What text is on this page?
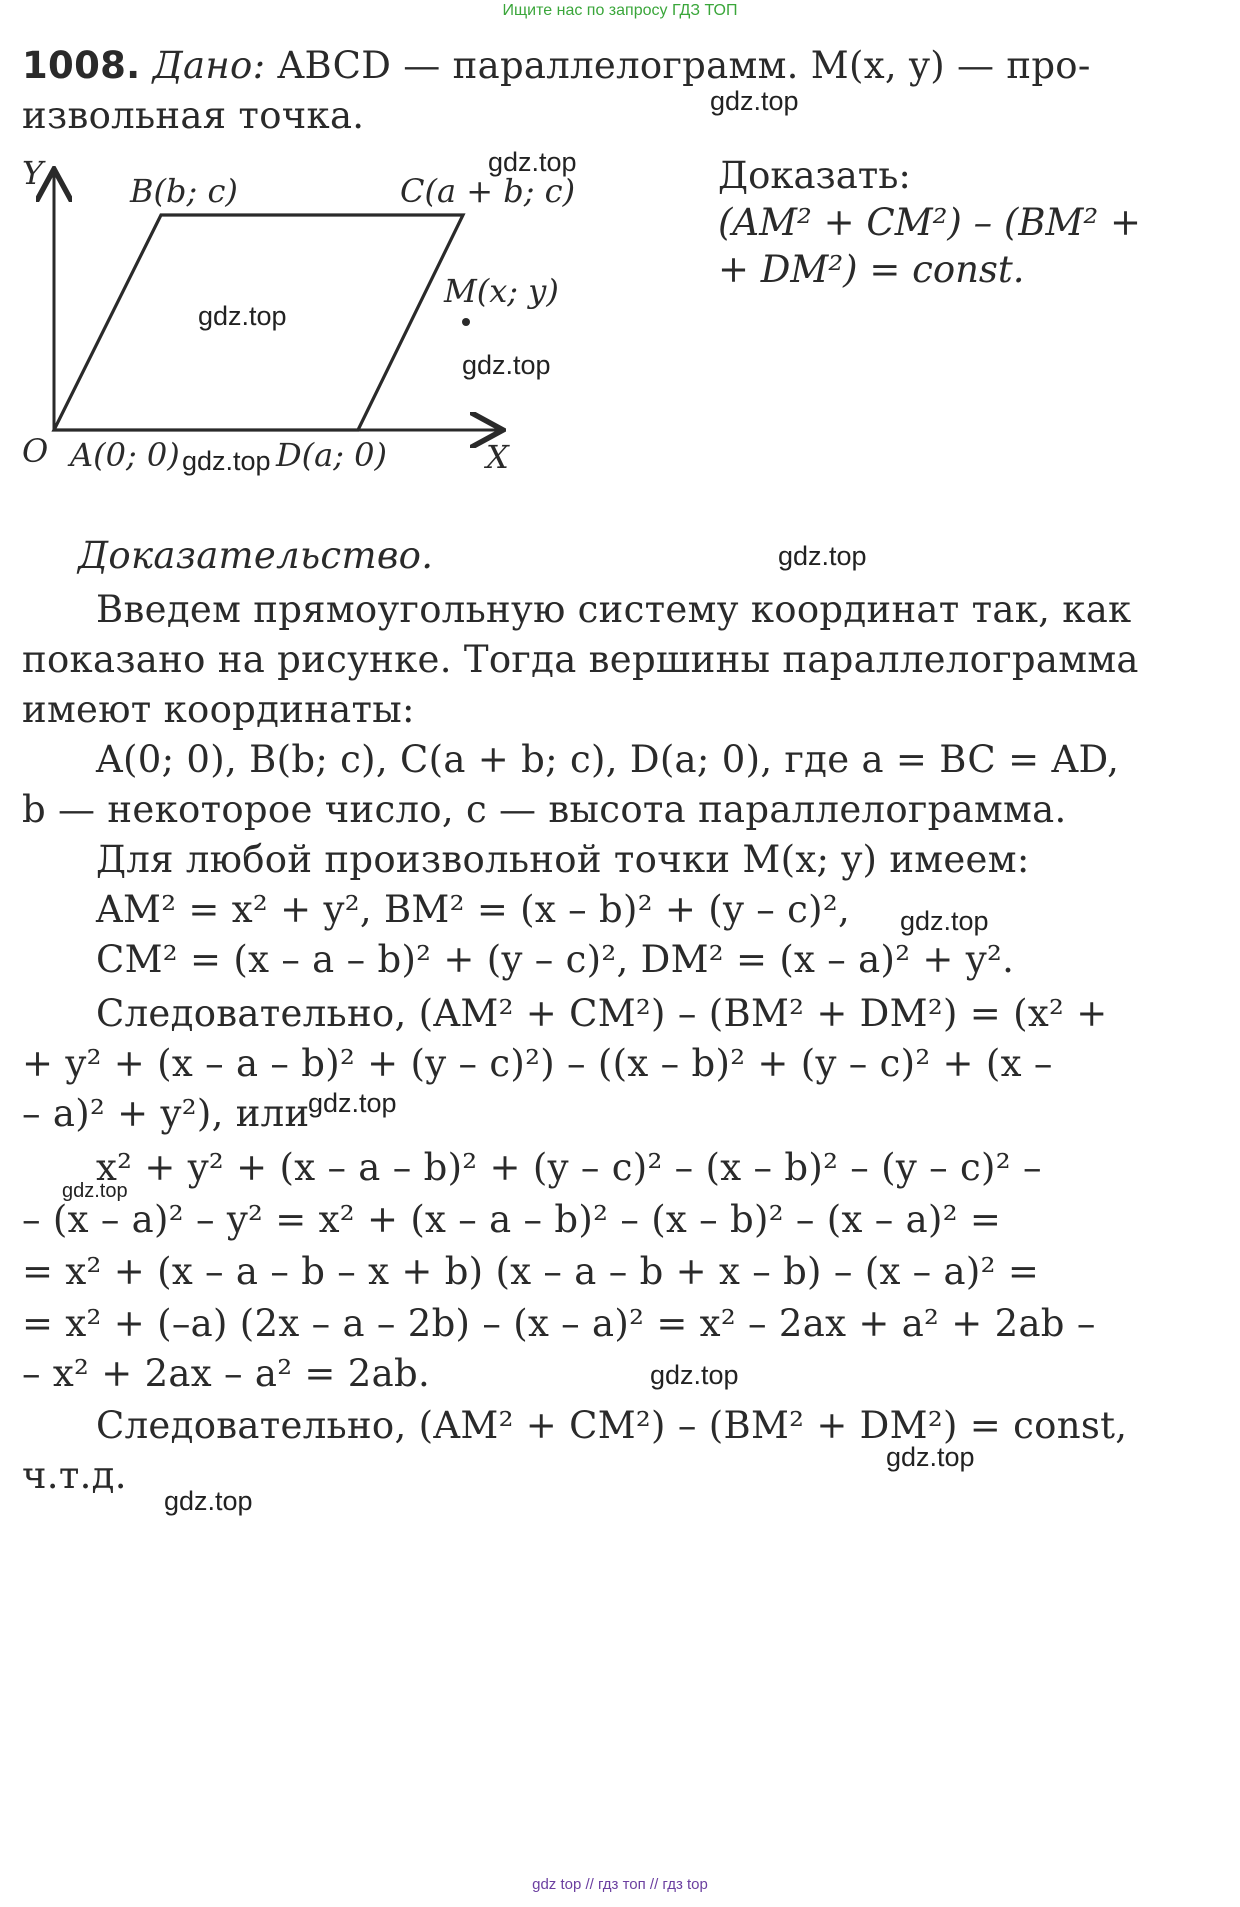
Ищите нас по запросу ГДЗ ТОП
1008. Дано: ABCD — параллелограмм. M(x, y) — про-
извольная точка.
Y
X
O A(0; 0)
B(b; c)	C(a + b; c)
D(a; 0)
M(x; y)
Доказать:
(AM² + CM²) – (BM² +
+ DM²) = const.
Доказательство.
Введем прямоугольную систему координат так, как
показано на рисунке. Тогда вершины параллелограмма
имеют координаты:
A(0; 0), B(b; c), C(a + b; c), D(a; 0), где a = BC = AD,
b — некоторое число, c — высота параллелограмма.
Для любой произвольной точки M(x; y) имеем:
AM² = x² + y², BM² = (x – b)² + (y – c)²,
CM² = (x – a – b)² + (y – c)², DM² = (x – a)² + y².
Следовательно, (AM² + CM²) – (BM² + DM²) = (x² +
+ y² + (x – a – b)² + (y – c)²) – ((x – b)² + (y – c)² + (x –
– a)² + y²), или
x² + y² + (x – a – b)² + (y – c)² – (x – b)² – (y – c)² –
– (x – a)² – y² = x² + (x – a – b)² – (x – b)² – (x – a)² =
= x² + (x – a – b – x + b) (x – a – b + x – b) – (x – a)² =
= x² + (–a) (2x – a – 2b) – (x – a)² = x² – 2ax + a² + 2ab –
– x² + 2ax – a² = 2ab.
Следовательно, (AM² + CM²) – (BM² + DM²) = const,
ч.т.д.
gdz.top
gdz.top
gdz.top
gdz.top
gdz.top
gdz.top
gdz.top
gdz.top
gdz.top
gdz.top
gdz.top
gdz.top
gdz top // гдз топ // гдз top
